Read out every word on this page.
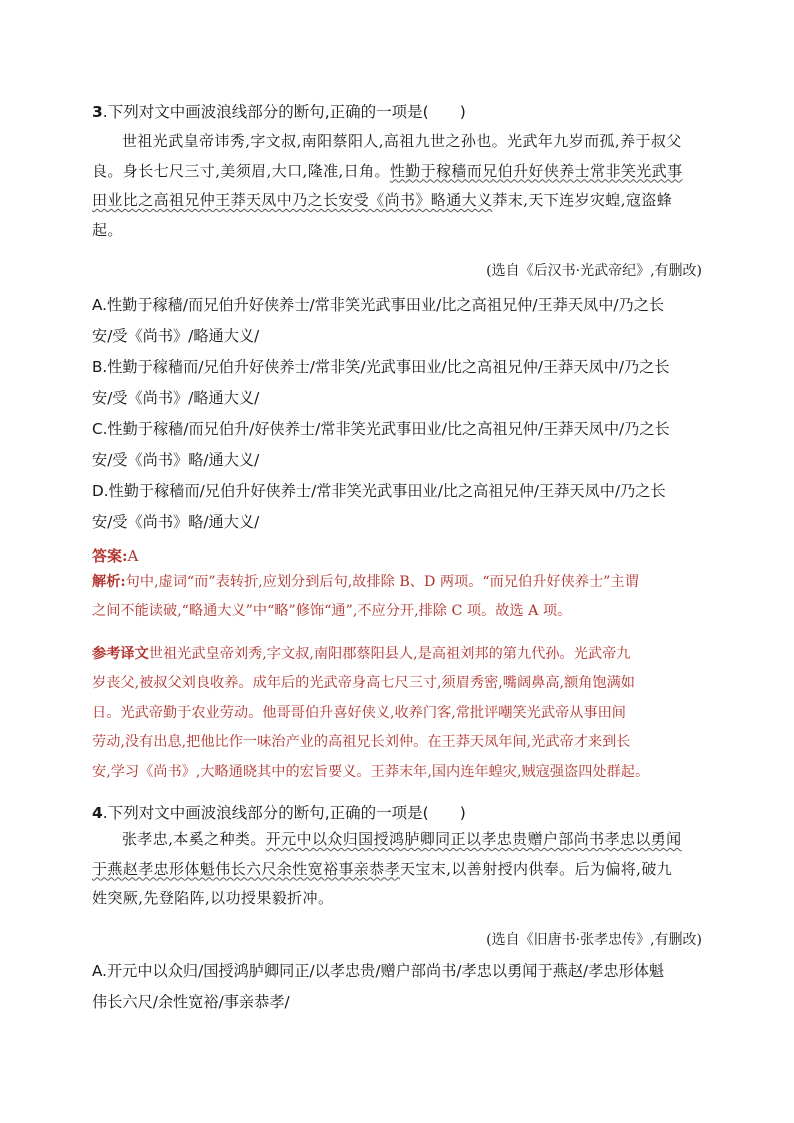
3.下列对文中画波浪线部分的断句,正确的一项是(　　)
世祖光武皇帝讳秀,字文叔,南阳蔡阳人,高祖九世之孙也。光武年九岁而孤,养于叔父
良。身长七尺三寸,美须眉,大口,隆准,日角。性勤于稼穑而兄伯升好侠养士常非笑光武事
田业比之高祖兄仲王莽天凤中乃之长安受《尚书》略通大义莽末,天下连岁灾蝗,寇盗蜂
起。
(选自《后汉书·光武帝纪》,有删改)
A.性勤于稼穑/而兄伯升好侠养士/常非笑光武事田业/比之高祖兄仲/王莽天凤中/乃之长
安/受《尚书》/略通大义/
B.性勤于稼穑而/兄伯升好侠养士/常非笑/光武事田业/比之高祖兄仲/王莽天凤中/乃之长
安/受《尚书》/略通大义/
C.性勤于稼穑/而兄伯升/好侠养士/常非笑光武事田业/比之高祖兄仲/王莽天凤中/乃之长
安/受《尚书》略/通大义/
D.性勤于稼穑而/兄伯升好侠养士/常非笑光武事田业/比之高祖兄仲/王莽天凤中/乃之长
安/受《尚书》略/通大义/
答案:A
解析:句中,虚词“而”表转折,应划分到后句,故排除 B、D 两项。“而兄伯升好侠养士”主谓
之间不能读破,“略通大义”中“略”修饰“通”,不应分开,排除 C 项。故选 A 项。
参考译文世祖光武皇帝刘秀,字文叔,南阳郡蔡阳县人,是高祖刘邦的第九代孙。光武帝九
岁丧父,被叔父刘良收养。成年后的光武帝身高七尺三寸,须眉秀密,嘴阔鼻高,额角饱满如
日。光武帝勤于农业劳动。他哥哥伯升喜好侠义,收养门客,常批评嘲笑光武帝从事田间
劳动,没有出息,把他比作一味治产业的高祖兄长刘仲。在王莽天凤年间,光武帝才来到长
安,学习《尚书》,大略通晓其中的宏旨要义。王莽末年,国内连年蝗灾,贼寇强盗四处群起。
4.下列对文中画波浪线部分的断句,正确的一项是(　　)
张孝忠,本奚之种类。开元中以众归国授鸿胪卿同正以孝忠贵赠户部尚书孝忠以勇闻
于燕赵孝忠形体魁伟长六尺余性宽裕事亲恭孝天宝末,以善射授内供奉。后为偏将,破九
姓突厥,先登陷阵,以功授果毅折冲。
(选自《旧唐书·张孝忠传》,有删改)
A.开元中以众归/国授鸿胪卿同正/以孝忠贵/赠户部尚书/孝忠以勇闻于燕赵/孝忠形体魁
伟长六尺/余性宽裕/事亲恭孝/
